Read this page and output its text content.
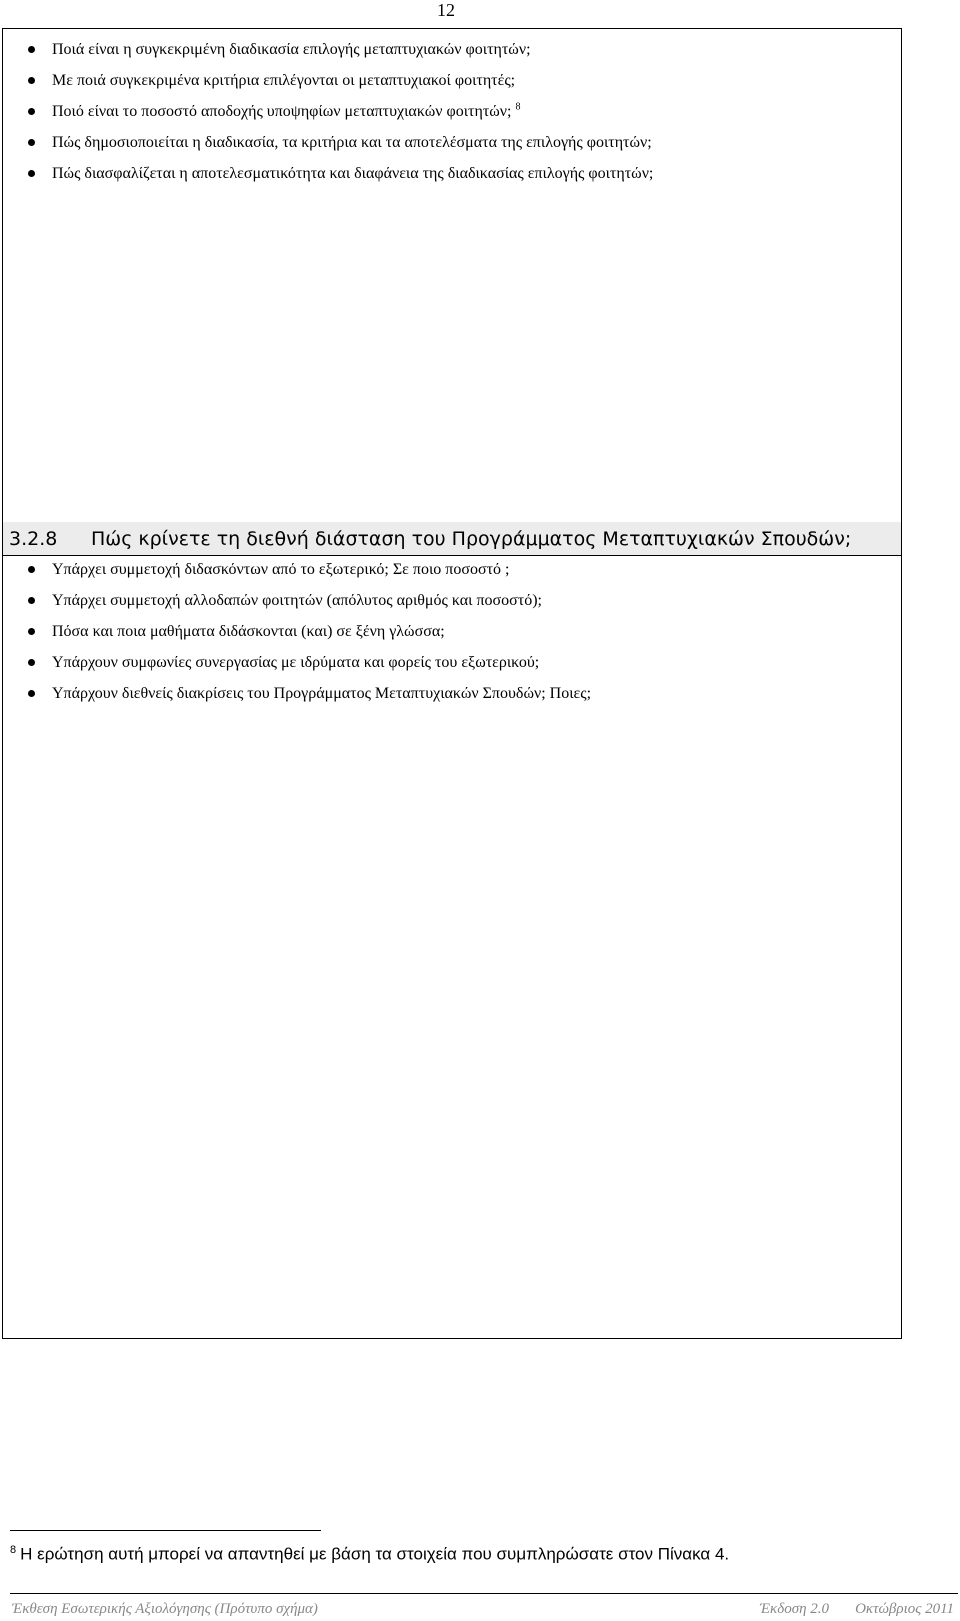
12
Ποιά είναι η συγκεκριμένη διαδικασία επιλογής μεταπτυχιακών φοιτητών;
Με ποιά συγκεκριμένα κριτήρια επιλέγονται οι μεταπτυχιακοί φοιτητές;
Ποιό είναι το ποσοστό αποδοχής υποψηφίων μεταπτυχιακών φοιτητών; $^8$
Πώς δημοσιοποιείται η διαδικασία, τα κριτήρια και τα αποτελέσματα της επιλογής φοιτητών;
Πώς διασφαλίζεται η αποτελεσματικότητα και διαφάνεια της διαδικασίας επιλογής φοιτητών;
3.2.8 Πώς κρίνετε τη διεθνή διάσταση του Προγράμματος Μεταπτυχιακών Σπουδών;
Υπάρχει συμμετοχή διδασκόντων από το εξωτερικό; Σε ποιο ποσοστό ;
Υπάρχει συμμετοχή αλλοδαπών φοιτητών (απόλυτος αριθμός και ποσοστό);
Πόσα και ποια μαθήματα διδάσκονται (και) σε ξένη γλώσσα;
Υπάρχουν συμφωνίες συνεργασίας με ιδρύματα και φορείς του εξωτερικού;
Υπάρχουν διεθνείς διακρίσεις του Προγράμματος Μεταπτυχιακών Σπουδών; Ποιες;
$^8$ Η ερώτηση αυτή μπορεί να απαντηθεί με βάση τα στοιχεία που συμπληρώσατε στον Πίνακα 4.
Έκθεση Εσωτερικής Αξιολόγησης (Πρότυπο σχήμα)	Έκδοση 2.0 Οκτώβριος 2011
